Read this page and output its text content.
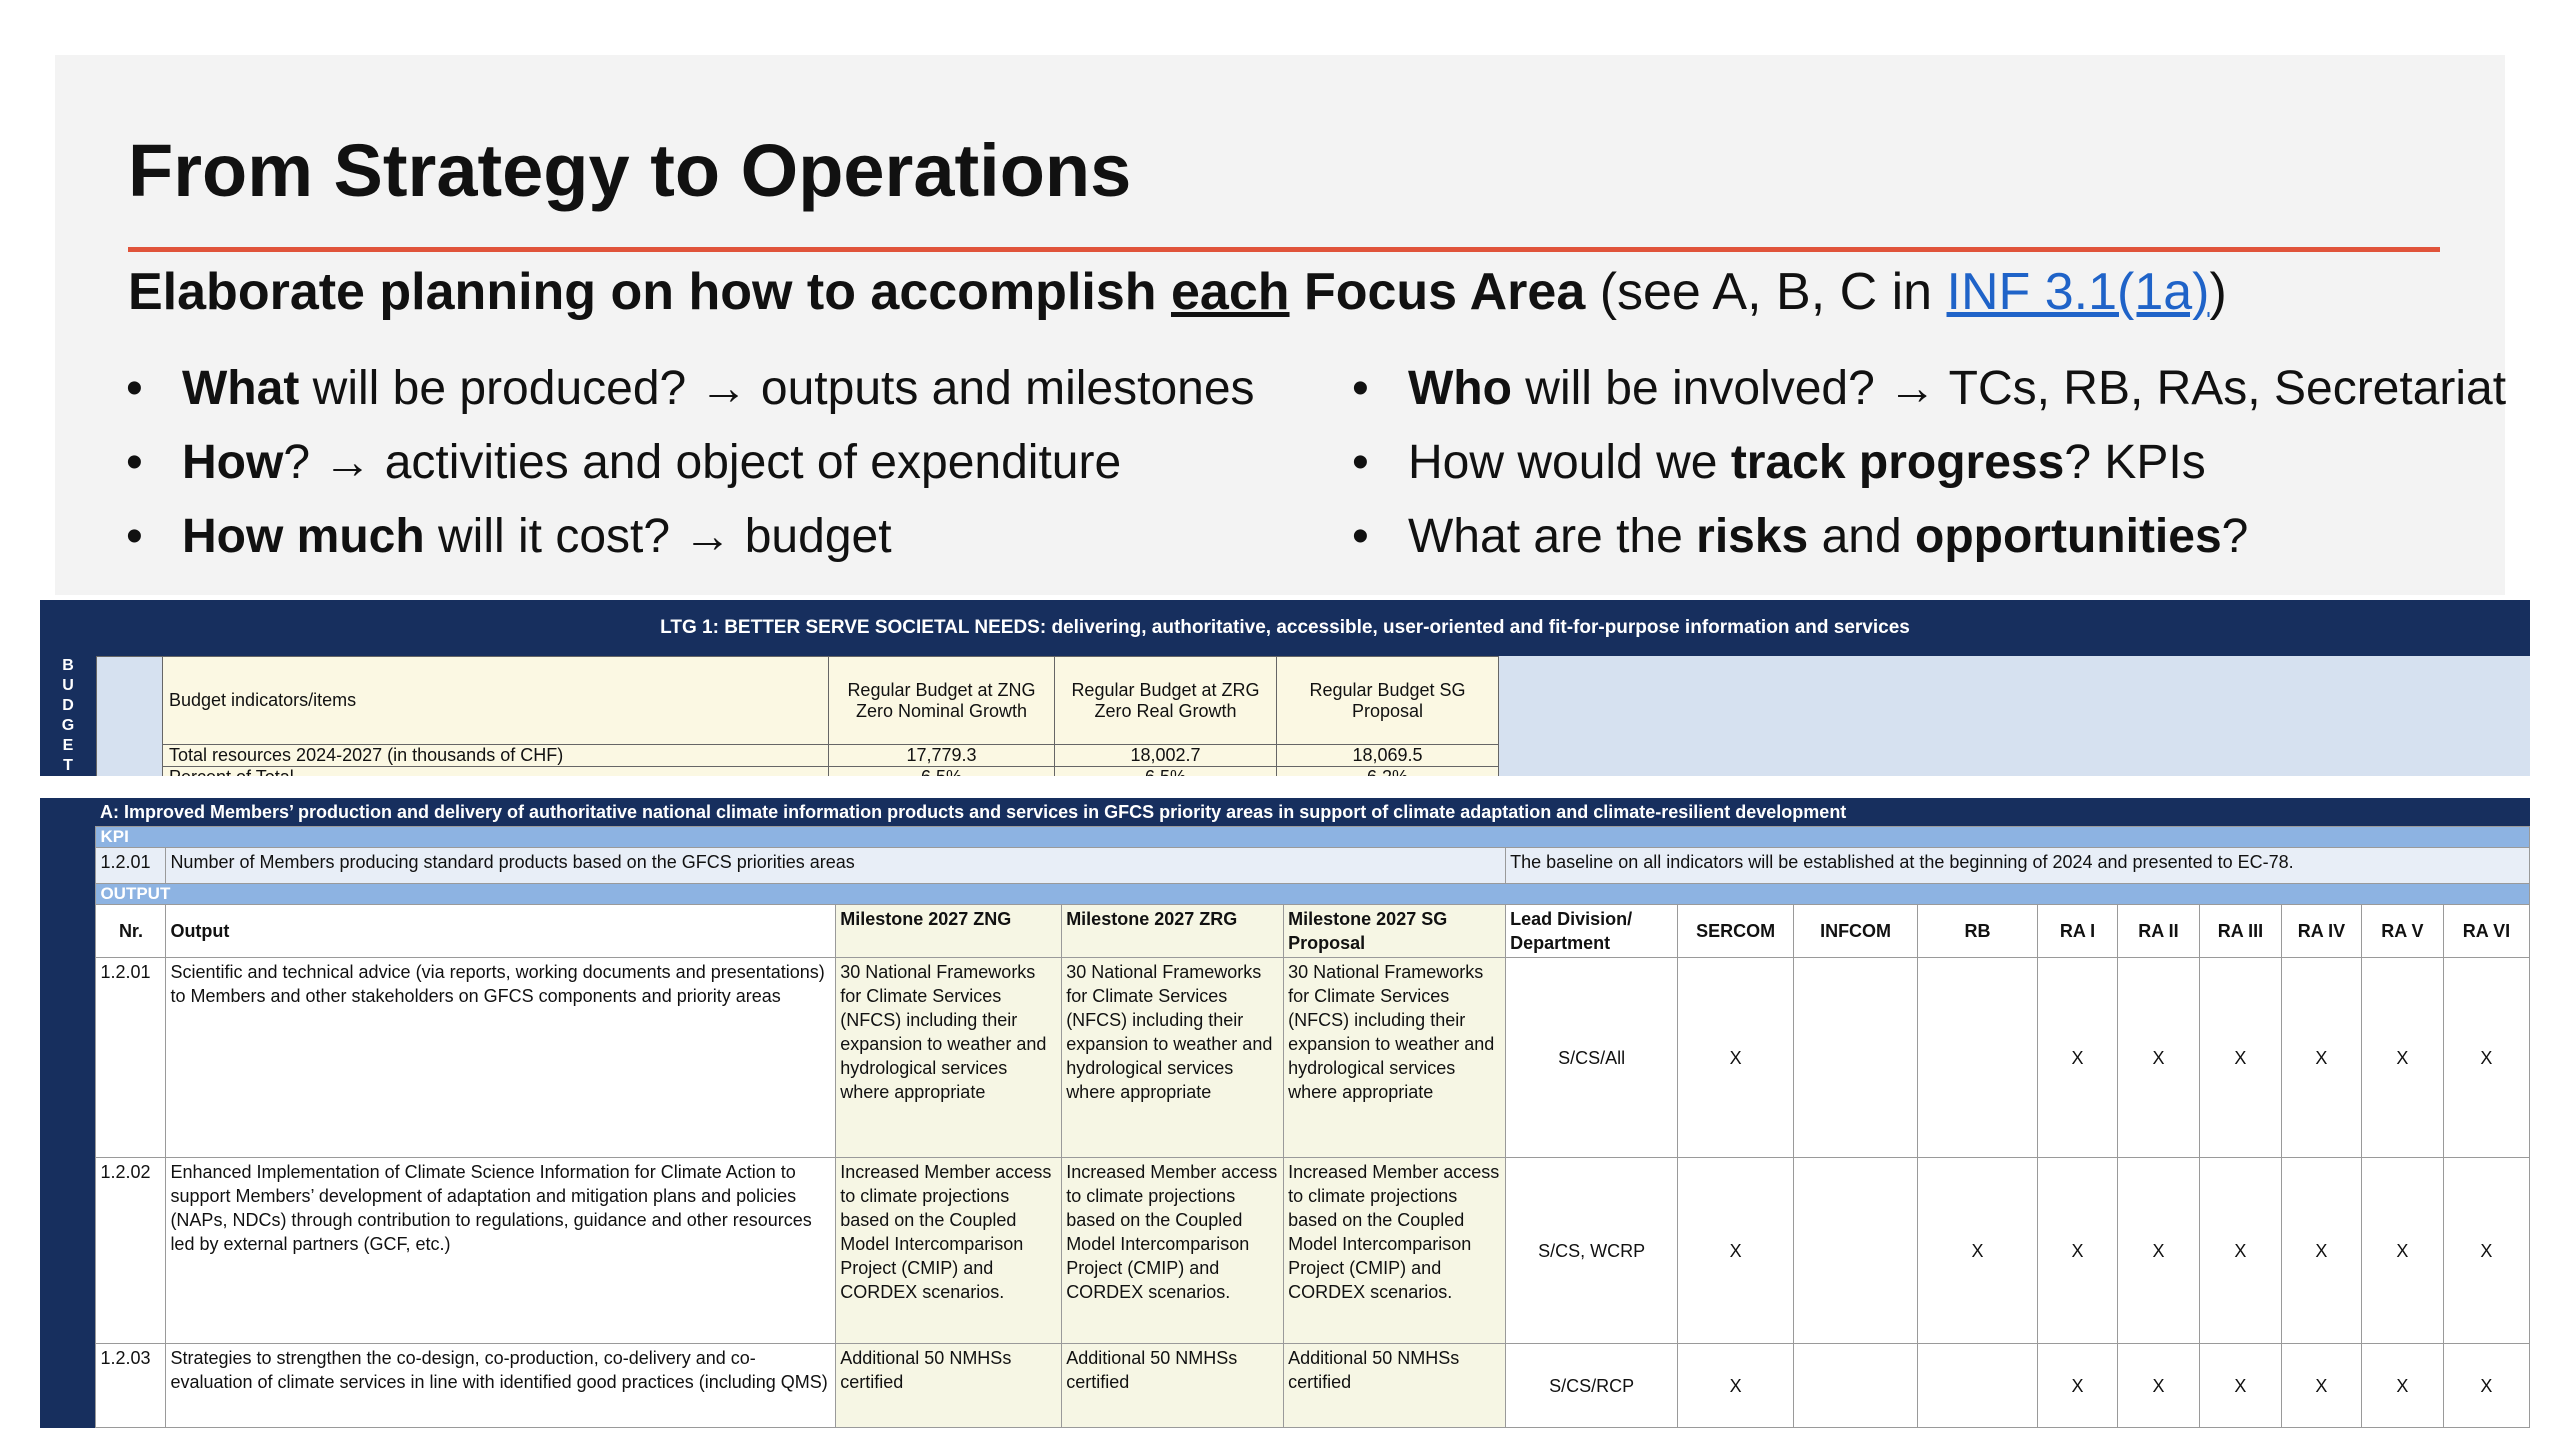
From Strategy to Operations
Elaborate planning on how to accomplish each Focus Area (see A, B, C in INF 3.1(1a))
• What will be produced? → outputs and milestones
• How? → activities and object of expenditure
• How much will it cost? → budget
• Who will be involved? → TCs, RB, RAs, Secretariat
• How would we track progress? KPIs
• What are the risks and opportunities?
LTG 1: BETTER SERVE SOCIETAL NEEDS: delivering, authoritative, accessible, user-oriented and fit-for-purpose information and services
B
U
D
G
E
T
	Budget indicators/items	Regular Budget at ZNG Zero Nominal Growth	Regular Budget at ZRG Zero Real Growth	Regular Budget SG Proposal
	Total resources 2024-2027 (in thousands of CHF)	17,779.3	18,002.7	18,069.5

	A: Improved Members’ production and delivery of authoritative national climate information products and services in GFCS priority areas in support of climate adaptation and climate-resilient development														
	KPI														
	1.2.01	Number of Members producing standard products based on the GFCS priorities areas				The baseline on all indicators will be established at the beginning of 2024 and presented to EC-78.									
	OUTPUT														
	Nr.	Output	Milestone 2027 ZNG	Milestone 2027 ZRG	Milestone 2027 SG Proposal	Lead Division/ Department	SERCOM	INFCOM	RB	RA I	RA II	RA III	RA IV	RA V	RA VI
	1.2.01	Scientific and technical advice (via reports, working documents and presentations) to Members and other stakeholders on GFCS components and priority areas	30 National Frameworks for Climate Services (NFCS) including their expansion to weather and hydrological services where appropriate	30 National Frameworks for Climate Services (NFCS) including their expansion to weather and hydrological services where appropriate	30 National Frameworks for Climate Services (NFCS) including their expansion to weather and hydrological services where appropriate	S/CS/All	X			X	X	X	X	X	X
	1.2.02	Enhanced Implementation of Climate Science Information for Climate Action to support Members’ development of adaptation and mitigation plans and policies (NAPs, NDCs) through contribution to regulations, guidance and other resources led by external partners (GCF, etc.)	Increased Member access to climate projections based on the Coupled Model Intercomparison Project (CMIP) and CORDEX scenarios.	Increased Member access to climate projections based on the Coupled Model Intercomparison Project (CMIP) and CORDEX scenarios.	Increased Member access to climate projections based on the Coupled Model Intercomparison Project (CMIP) and CORDEX scenarios.	S/CS, WCRP	X		X	X	X	X	X	X	X
	1.2.03	Strategies to strengthen the co-design, co-production, co-delivery and co-evaluation of climate services in line with identified good practices (including QMS)	Additional 50 NMHSs certified	Additional 50 NMHSs certified	Additional 50 NMHSs certified	S/CS/RCP	X			X	X	X	X	X	X
